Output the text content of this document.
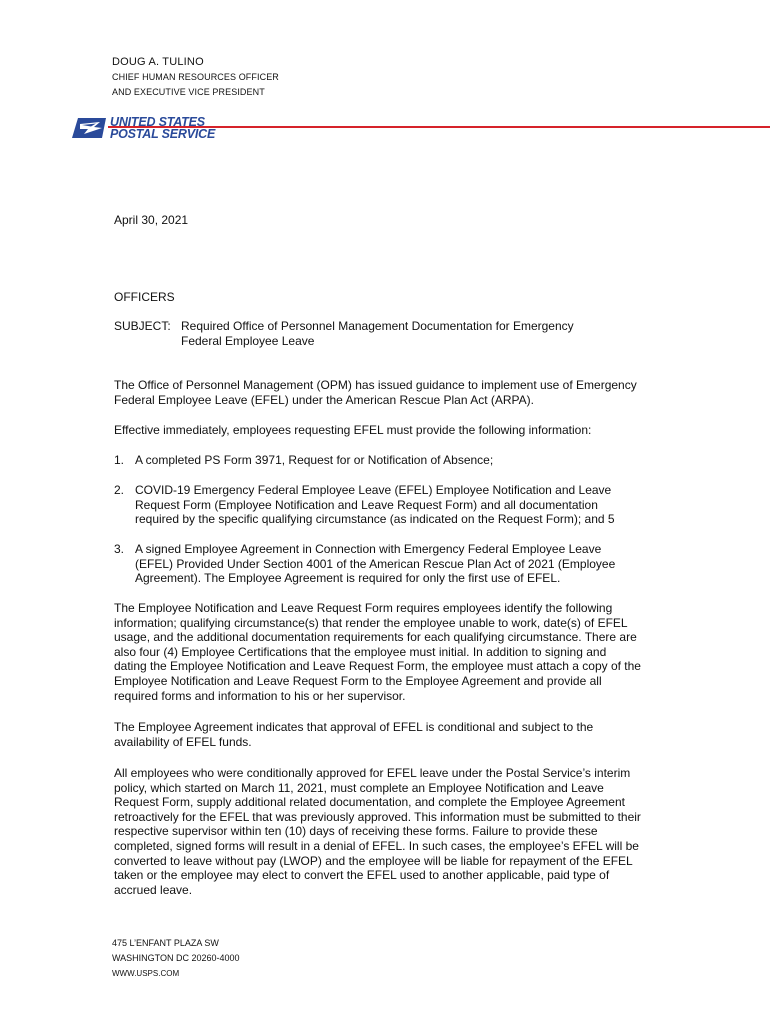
DOUG A. TULINO
CHIEF HUMAN RESOURCES OFFICER
AND EXECUTIVE VICE PRESIDENT
UNITED STATES
POSTAL SERVICE

April 30, 2021

OFFICERS

SUBJECT: Required Office of Personnel Management Documentation for Emergency
Federal Employee Leave

The Office of Personnel Management (OPM) has issued guidance to implement use of Emergency Federal Employee Leave (EFEL) under the American Rescue Plan Act (ARPA).

Effective immediately, employees requesting EFEL must provide the following information:

1. A completed PS Form 3971, Request for or Notification of Absence;
2. COVID-19 Emergency Federal Employee Leave (EFEL) Employee Notification and Leave Request Form (Employee Notification and Leave Request Form) and all documentation required by the specific qualifying circumstance (as indicated on the Request Form); and 5
3. A signed Employee Agreement in Connection with Emergency Federal Employee Leave (EFEL) Provided Under Section 4001 of the American Rescue Plan Act of 2021 (Employee Agreement). The Employee Agreement is required for only the first use of EFEL.

The Employee Notification and Leave Request Form requires employees identify the following information; qualifying circumstance(s) that render the employee unable to work, date(s) of EFEL usage, and the additional documentation requirements for each qualifying circumstance. There are also four (4) Employee Certifications that the employee must initial. In addition to signing and dating the Employee Notification and Leave Request Form, the employee must attach a copy of the Employee Notification and Leave Request Form to the Employee Agreement and provide all required forms and information to his or her supervisor.

The Employee Agreement indicates that approval of EFEL is conditional and subject to the availability of EFEL funds.

All employees who were conditionally approved for EFEL leave under the Postal Service’s interim policy, which started on March 11, 2021, must complete an Employee Notification and Leave Request Form, supply additional related documentation, and complete the Employee Agreement retroactively for the EFEL that was previously approved. This information must be submitted to their respective supervisor within ten (10) days of receiving these forms. Failure to provide these completed, signed forms will result in a denial of EFEL. In such cases, the employee’s EFEL will be converted to leave without pay (LWOP) and the employee will be liable for repayment of the EFEL taken or the employee may elect to convert the EFEL used to another applicable, paid type of accrued leave.

475 L’ENFANT PLAZA SW
WASHINGTON DC 20260-4000
WWW.USPS.COM
